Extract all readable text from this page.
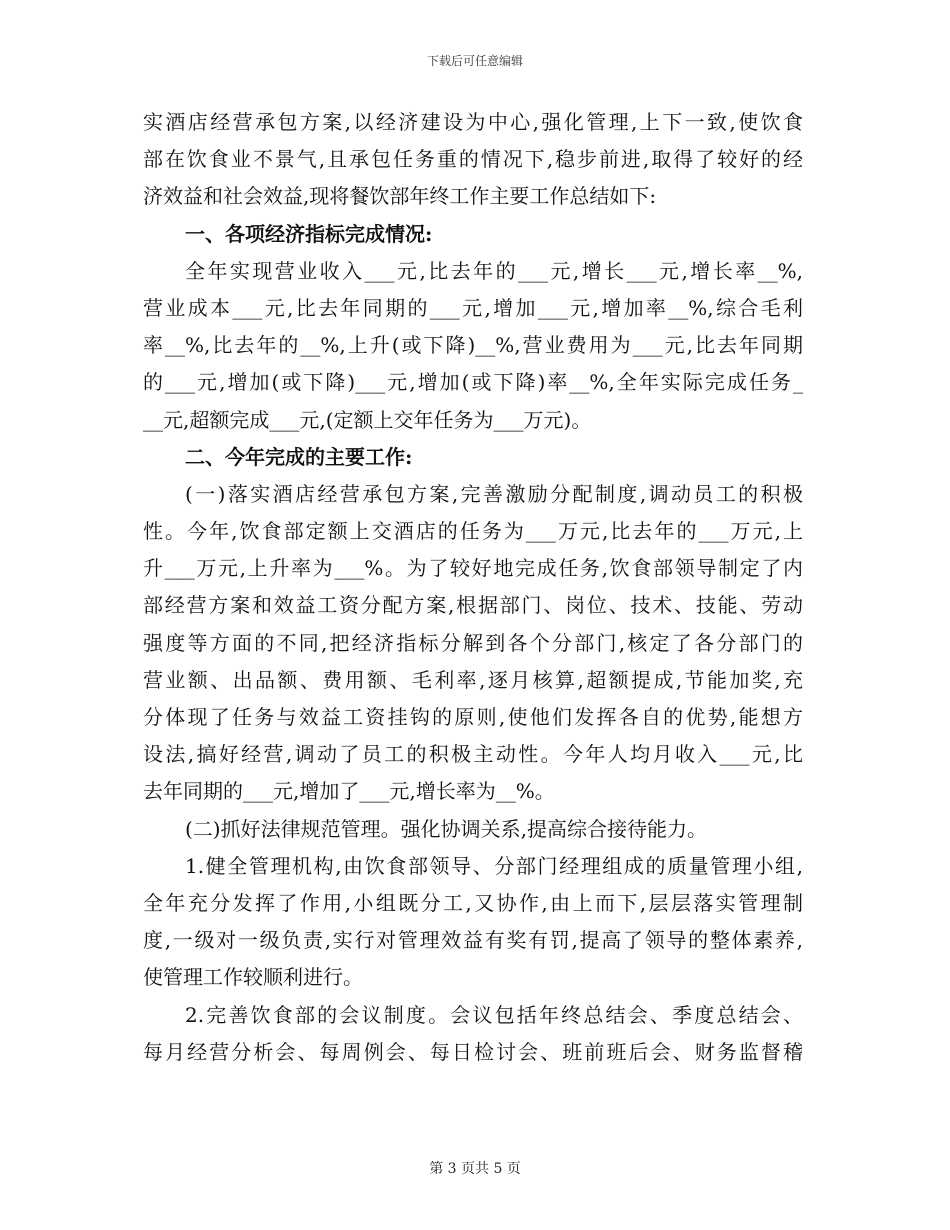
下载后可任意编辑
实酒店经营承包方案,以经济建设为中心,强化管理,上下一致,使饮食
部在饮食业不景气,且承包任务重的情况下,稳步前进,取得了较好的经
济效益和社会效益,现将餐饮部年终工作主要工作总结如下:
一、各项经济指标完成情况:
全年实现营业收入___元,比去年的___元,增长___元,增长率__%,
营业成本___元,比去年同期的___元,增加___元,增加率__%,综合毛利
率__%,比去年的__%,上升(或下降)__%,营业费用为___元,比去年同期
的___元,增加(或下降)___元,增加(或下降)率__%,全年实际完成任务_
__元,超额完成___元,(定额上交年任务为___万元)。
二、今年完成的主要工作:
(一)落实酒店经营承包方案,完善激励分配制度,调动员工的积极
性。今年,饮食部定额上交酒店的任务为___万元,比去年的___万元,上
升___万元,上升率为___%。为了较好地完成任务,饮食部领导制定了内
部经营方案和效益工资分配方案,根据部门、岗位、技术、技能、劳动
强度等方面的不同,把经济指标分解到各个分部门,核定了各分部门的
营业额、出品额、费用额、毛利率,逐月核算,超额提成,节能加奖,充
分体现了任务与效益工资挂钩的原则,使他们发挥各自的优势,能想方
设法,搞好经营,调动了员工的积极主动性。今年人均月收入___元,比
去年同期的___元,增加了___元,增长率为__%。
(二)抓好法律规范管理。强化协调关系,提高综合接待能力。
1.健全管理机构,由饮食部领导、分部门经理组成的质量管理小组,
全年充分发挥了作用,小组既分工,又协作,由上而下,层层落实管理制
度,一级对一级负责,实行对管理效益有奖有罚,提高了领导的整体素养,
使管理工作较顺利进行。
2.完善饮食部的会议制度。会议包括年终总结会、季度总结会、
每月经营分析会、每周例会、每日检讨会、班前班后会、财务监督稽
第 3 页共 5 页
